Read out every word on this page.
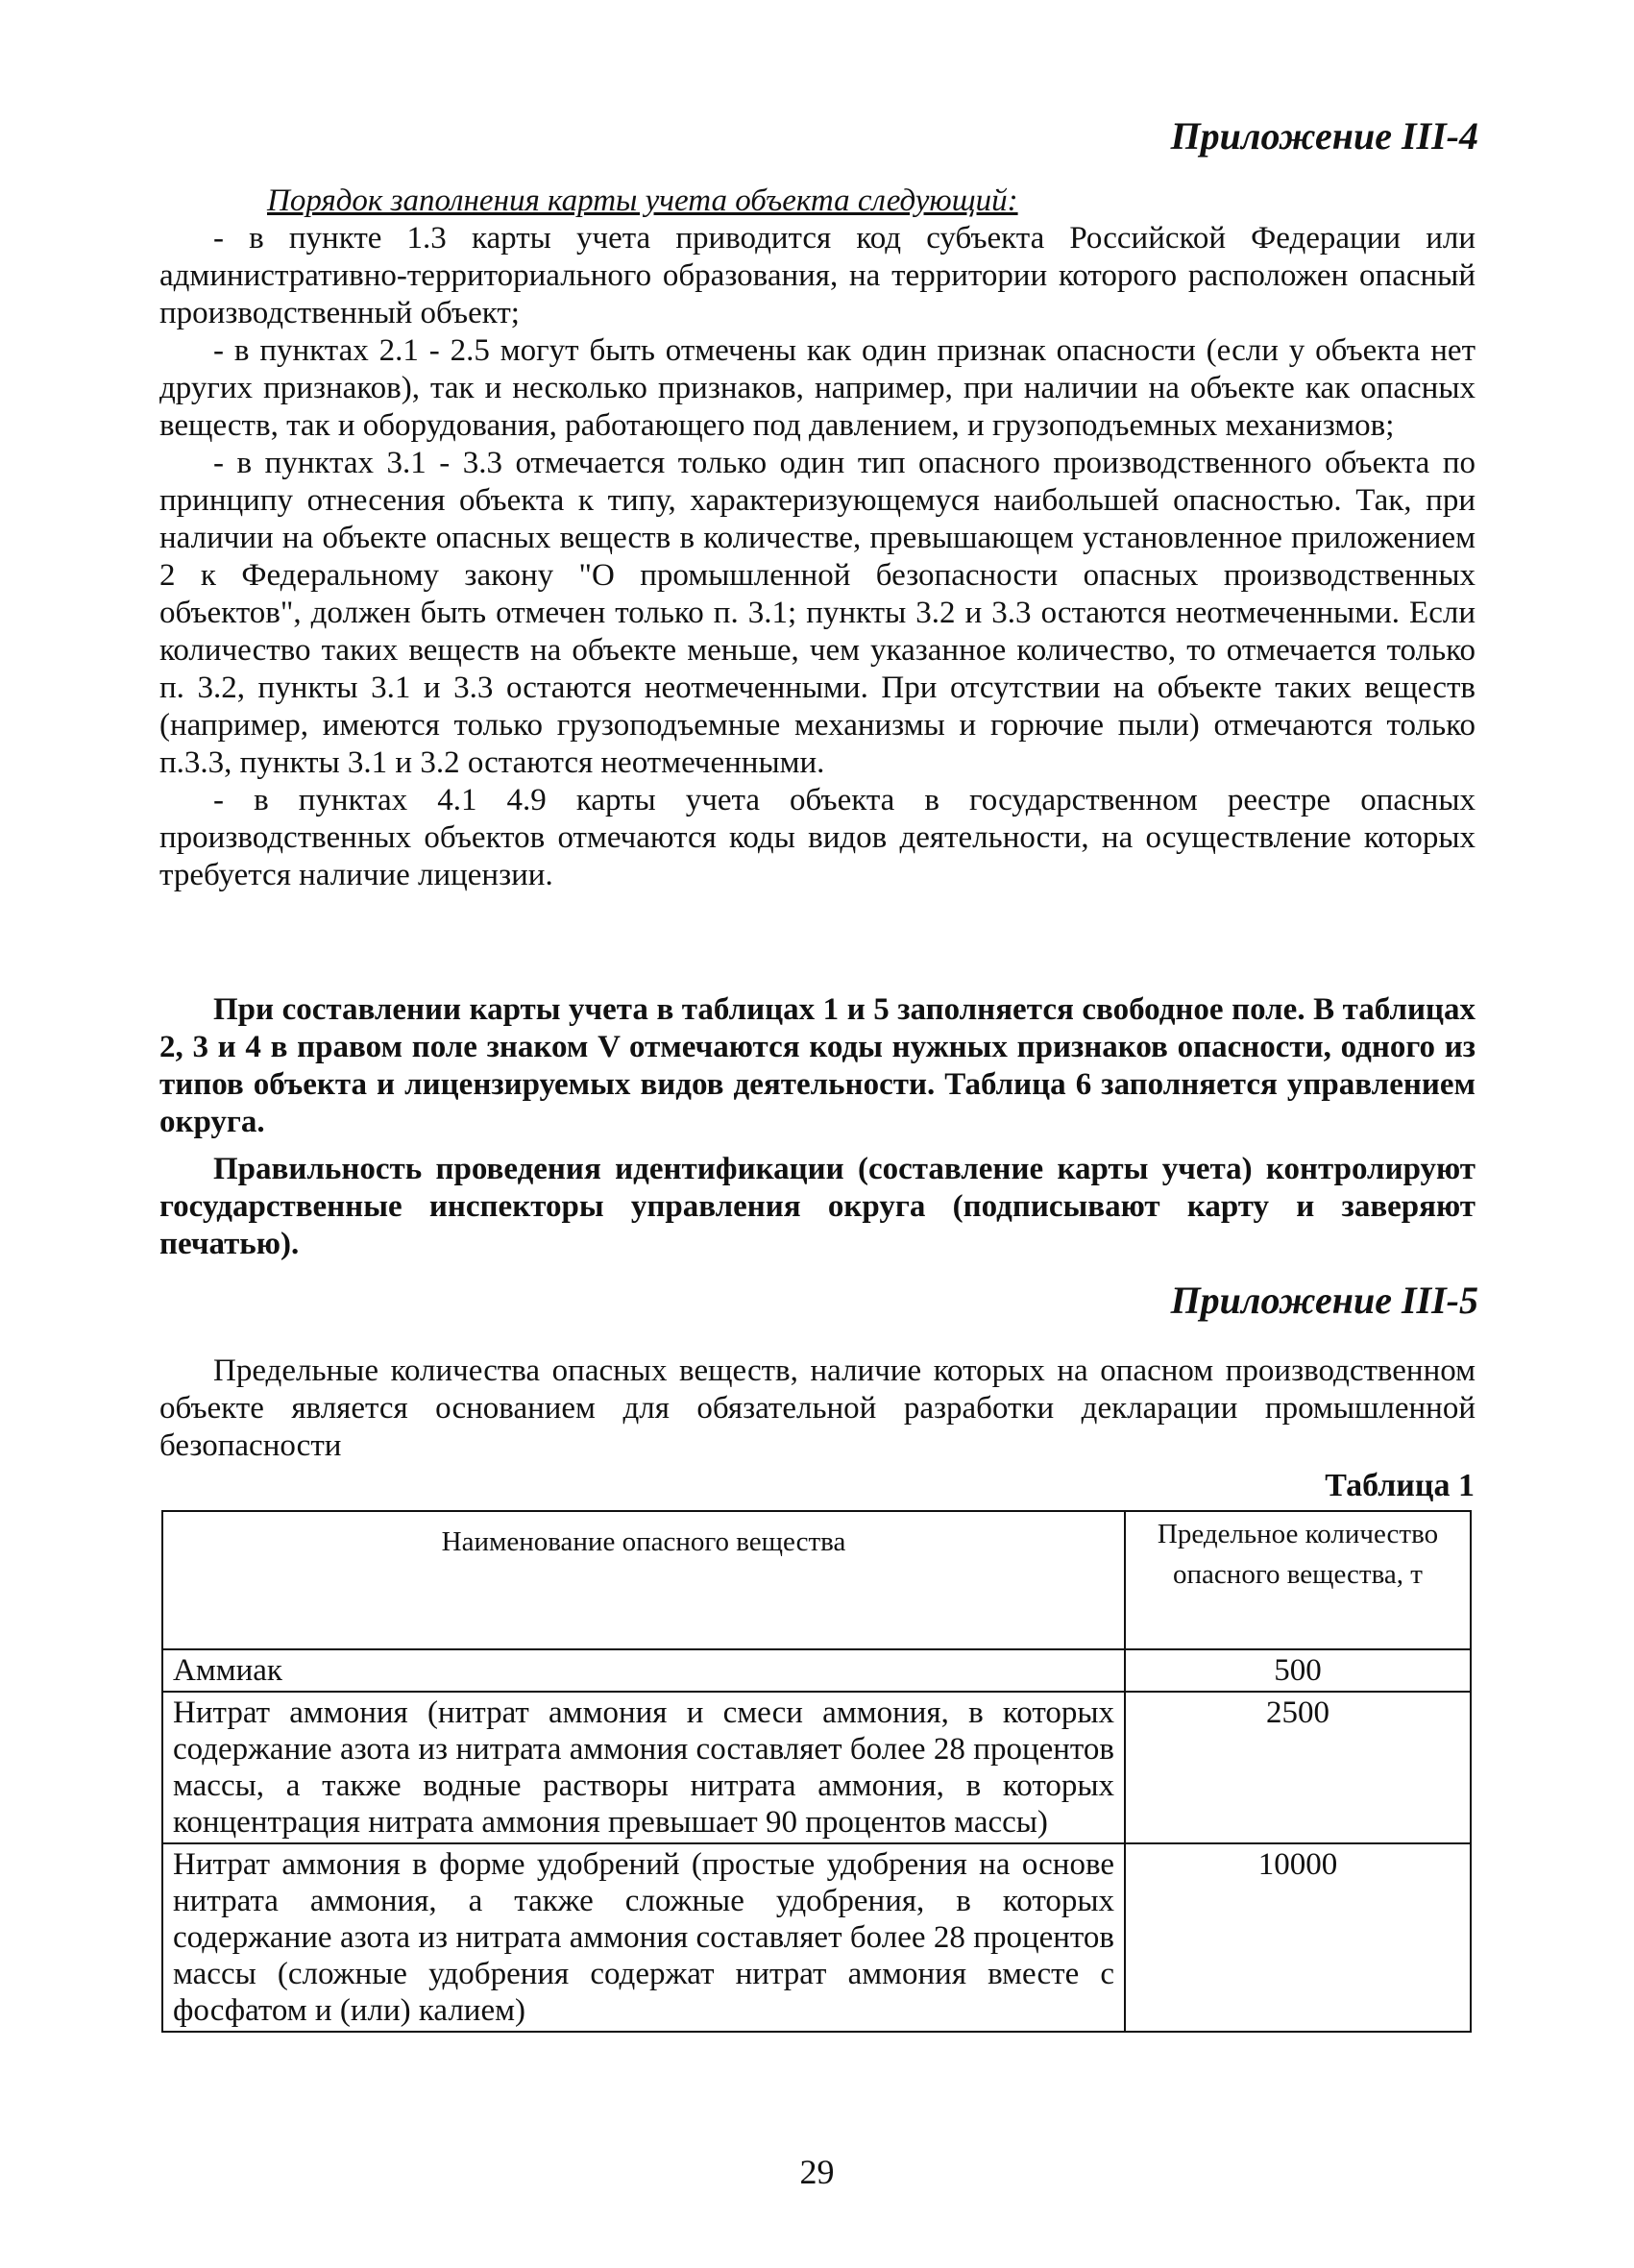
Приложение III-4

Порядок заполнения карты учета объекта следующий:

- в пункте 1.3 карты учета приводится код субъекта Российской Федерации или административно-территориального образования, на территории которого расположен опасный производственный объект;

- в пунктах 2.1 - 2.5 могут быть отмечены как один признак опасности (если у объекта нет других признаков), так и несколько признаков, например, при наличии на объекте как опасных веществ, так и оборудования, работающего под давлением, и грузоподъемных механизмов;

- в пунктах 3.1 - 3.3 отмечается только один тип опасного производственного объекта по принципу отнесения объекта к типу, характеризующемуся наибольшей опасностью. Так, при наличии на объекте опасных веществ в количестве, превышающем установленное приложением 2 к Федеральному закону "О промышленной безопасности опасных производственных объектов", должен быть отмечен только п. 3.1; пункты 3.2 и 3.3 остаются неотмеченными. Если количество таких веществ на объекте меньше, чем указанное количество, то отмечается только п. 3.2, пункты 3.1 и 3.3 остаются неотмеченными. При отсутствии на объекте таких веществ (например, имеются только грузоподъемные механизмы и горючие пыли) отмечаются только п.3.3, пункты 3.1 и 3.2 остаются неотмеченными.

- в пунктах 4.1 4.9 карты учета объекта в государственном реестре опасных производственных объектов отмечаются коды видов деятельности, на осуществление которых требуется наличие лицензии.

При составлении карты учета в таблицах 1 и 5 заполняется свободное поле. В таблицах 2, 3 и 4 в правом поле знаком V отмечаются коды нужных признаков опасности, одного из типов объекта и лицензируемых видов деятельности. Таблица 6 заполняется управлением округа.

Правильность проведения идентификации (составление карты учета) контролируют государственные инспекторы управления округа (подписывают карту и заверяют печатью).

Приложение III-5

Предельные количества опасных веществ, наличие которых на опасном производственном объекте является основанием для обязательной разработки декларации промышленной безопасности

Таблица 1
Наименование опасного вещества	Предельное количество опасного вещества, т
Аммиак	500
Нитрат аммония (нитрат аммония и смеси аммония, в которых содержание азота из нитрата аммония составляет более 28 процентов массы, а также водные растворы нитрата аммония, в которых концентрация нитрата аммония превышает 90 процентов массы)	2500
Нитрат аммония в форме удобрений (простые удобрения на основе нитрата аммония, а также сложные удобрения, в которых содержание азота из нитрата аммония составляет более 28 процентов массы (сложные удобрения содержат нитрат аммония вместе с фосфатом и (или) калием)	10000
29
